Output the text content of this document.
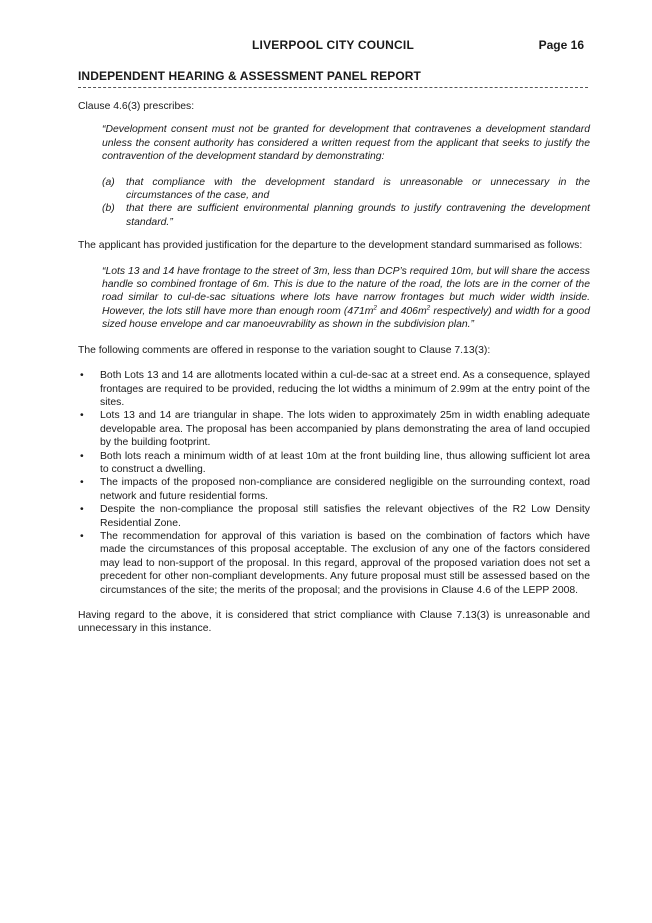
LIVERPOOL CITY COUNCIL	Page 16
INDEPENDENT HEARING & ASSESSMENT PANEL REPORT

Clause 4.6(3) prescribes:

“Development consent must not be granted for development that contravenes a development standard unless the consent authority has considered a written request from the applicant that seeks to justify the contravention of the development standard by demonstrating:

(a) that compliance with the development standard is unreasonable or unnecessary in the circumstances of the case, and
(b) that there are sufficient environmental planning grounds to justify contravening the development standard.”

The applicant has provided justification for the departure to the development standard summarised as follows:

“Lots 13 and 14 have frontage to the street of 3m, less than DCP’s required 10m, but will share the access handle so combined frontage of 6m. This is due to the nature of the road, the lots are in the corner of the road similar to cul-de-sac situations where lots have narrow frontages but much wider width inside. However, the lots still have more than enough room ($471m^2$ and $406m^2$ respectively) and width for a good sized house envelope and car manoeuvrability as shown in the subdivision plan.”

The following comments are offered in response to the variation sought to Clause 7.13(3):

• Both Lots 13 and 14 are allotments located within a cul-de-sac at a street end. As a consequence, splayed frontages are required to be provided, reducing the lot widths a minimum of 2.99m at the entry point of the sites.
• Lots 13 and 14 are triangular in shape. The lots widen to approximately 25m in width enabling adequate developable area. The proposal has been accompanied by plans demonstrating the area of land occupied by the building footprint.
• Both lots reach a minimum width of at least 10m at the front building line, thus allowing sufficient lot area to construct a dwelling.
• The impacts of the proposed non-compliance are considered negligible on the surrounding context, road network and future residential forms.
• Despite the non-compliance the proposal still satisfies the relevant objectives of the R2 Low Density Residential Zone.
• The recommendation for approval of this variation is based on the combination of factors which have made the circumstances of this proposal acceptable. The exclusion of any one of the factors considered may lead to non-support of the proposal. In this regard, approval of the proposed variation does not set a precedent for other non-compliant developments. Any future proposal must still be assessed based on the circumstances of the site; the merits of the proposal; and the provisions in Clause 4.6 of the LEPP 2008.

Having regard to the above, it is considered that strict compliance with Clause 7.13(3) is unreasonable and unnecessary in this instance.
